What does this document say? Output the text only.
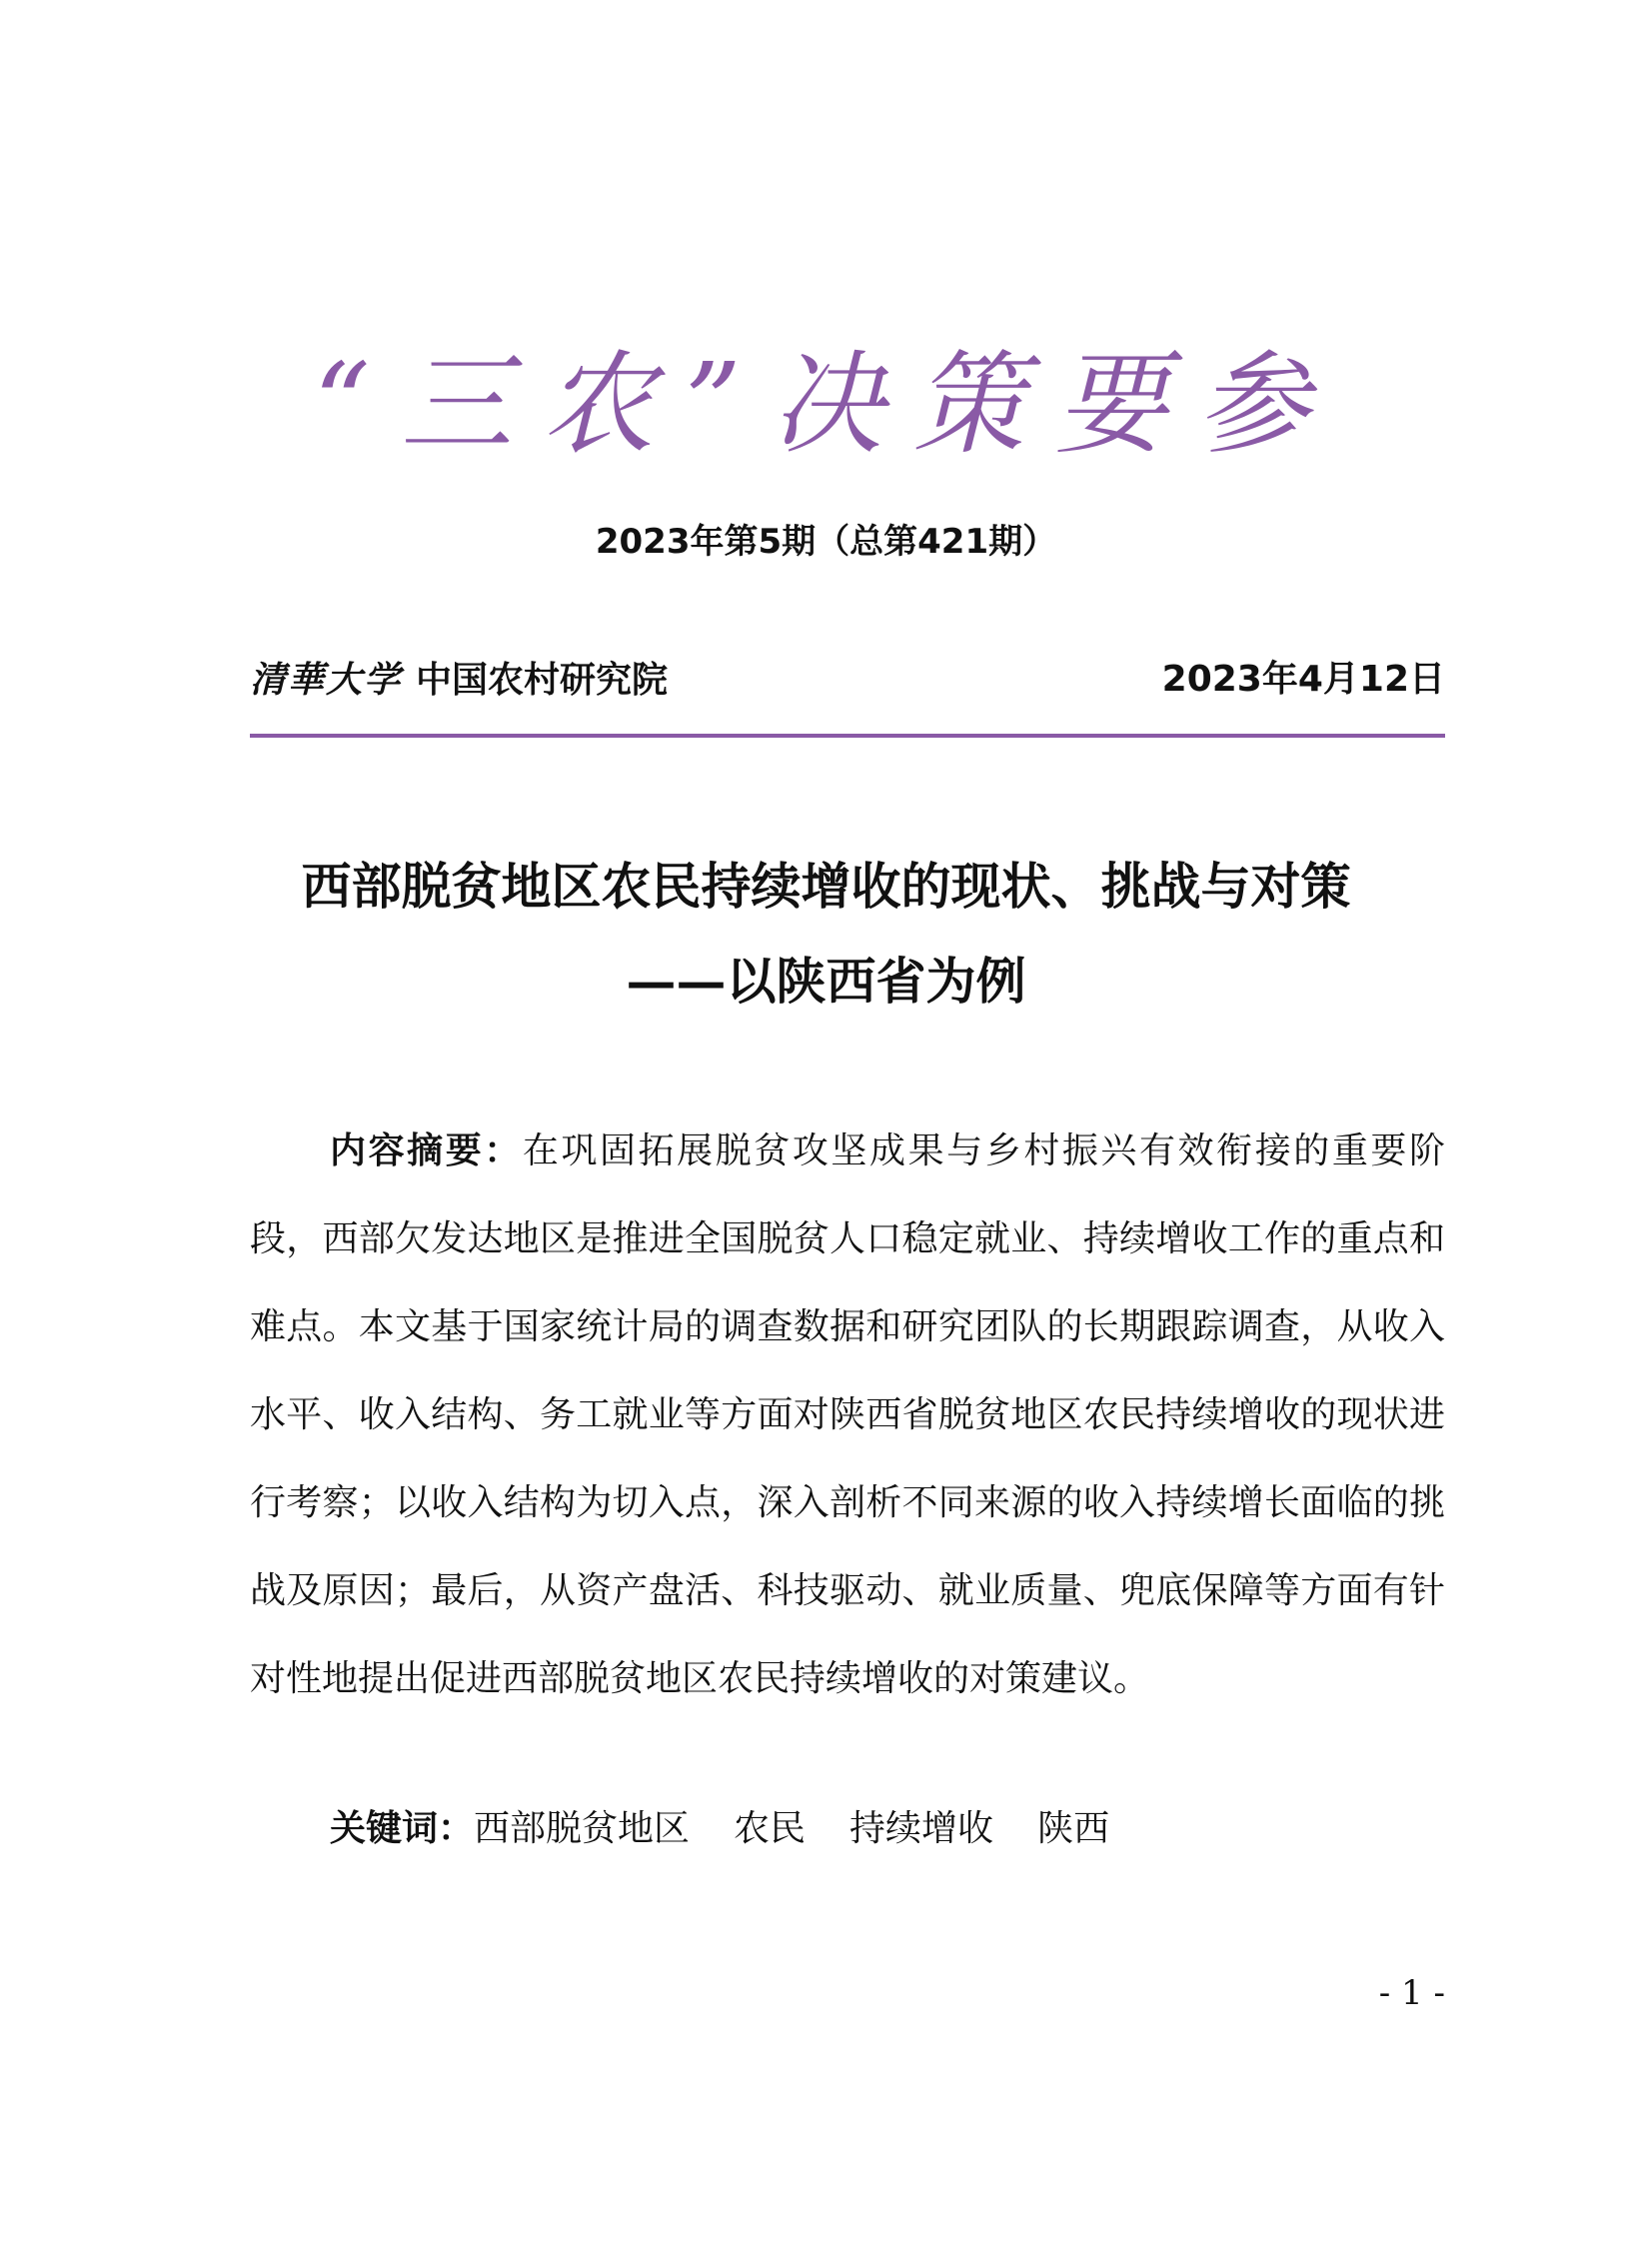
“三农”决策要参
2023年第5期（总第421期）
清華大学 中国农村研究院	2023年4月12日
西部脱贫地区农民持续增收的现状、挑战与对策
——以陕西省为例

内容摘要：在巩固拓展脱贫攻坚成果与乡村振兴有效衔接的重要阶段，西部欠发达地区是推进全国脱贫人口稳定就业、持续增收工作的重点和难点。本文基于国家统计局的调查数据和研究团队的长期跟踪调查，从收入水平、收入结构、务工就业等方面对陕西省脱贫地区农民持续增收的现状进行考察；以收入结构为切入点，深入剖析不同来源的收入持续增长面临的挑战及原因；最后，从资产盘活、科技驱动、就业质量、兜底保障等方面有针对性地提出促进西部脱贫地区农民持续增收的对策建议。

关键词：西部脱贫地区 农民 持续增收 陕西
- 1 -
